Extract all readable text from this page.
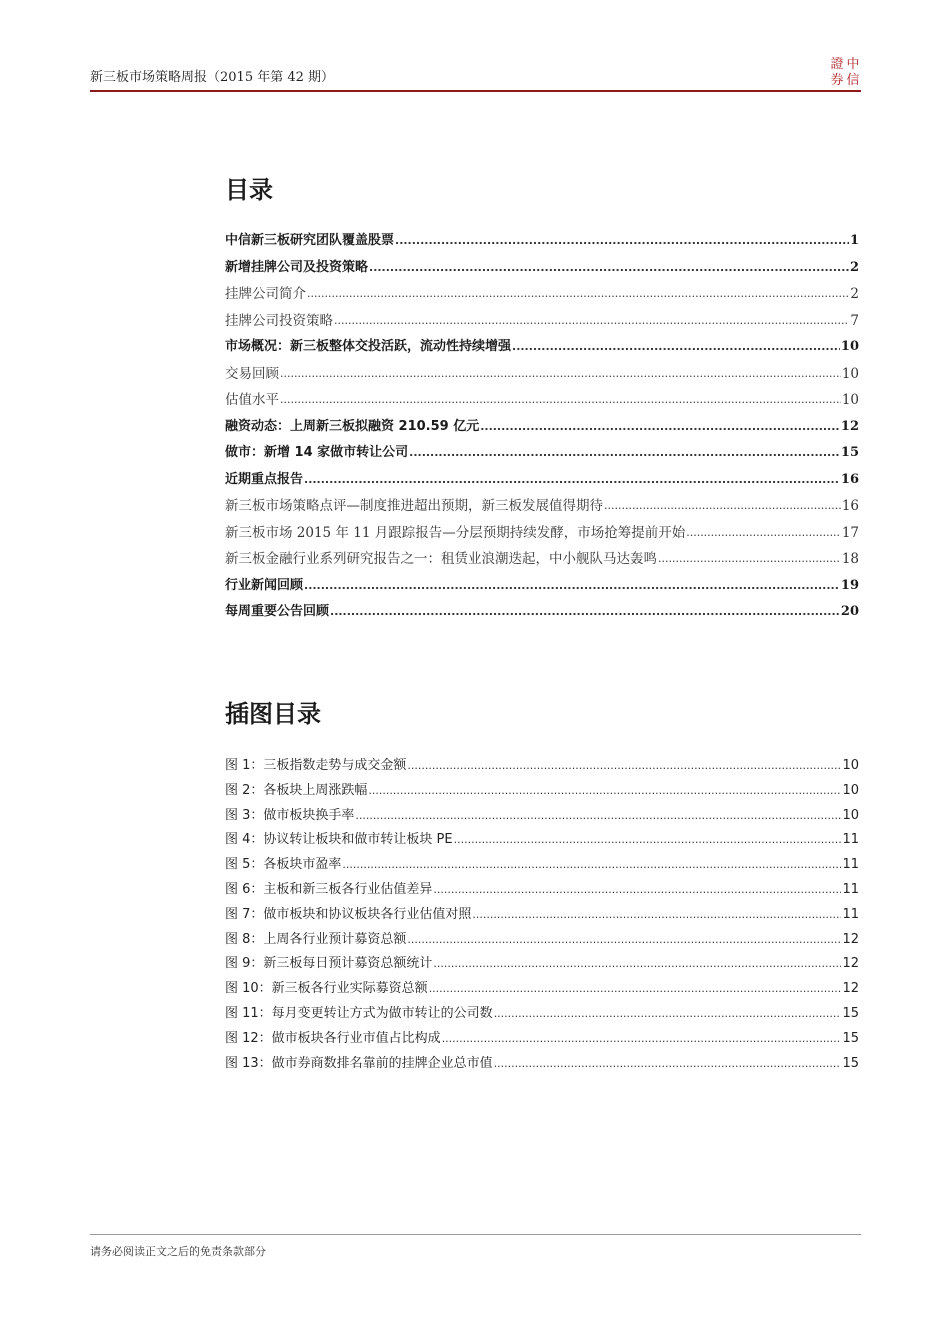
新三板市场策略周报（2015 年第 42 期）
證 中
券 信
目录
中信新三板研究团队覆盖股票 .....	1
新增挂牌公司及投资策略 .....	2
挂牌公司简介 .....	2
挂牌公司投资策略 .....	7
市场概况：新三板整体交投活跃，流动性持续增强 .....	10
交易回顾 .....	10
估值水平 .....	10
融资动态：上周新三板拟融资 210.59 亿元 .....	12
做市：新增 14 家做市转让公司 .....	15
近期重点报告 .....	16
新三板市场策略点评—制度推进超出预期，新三板发展值得期待 .....	16
新三板市场 2015 年 11 月跟踪报告—分层预期持续发酵，市场抢筹提前开始 .....	17
新三板金融行业系列研究报告之一：租赁业浪潮迭起，中小舰队马达轰鸣 .....	18
行业新闻回顾 .....	19
每周重要公告回顾 .....	20
插图目录
图 1：三板指数走势与成交金额 .....	10
图 2：各板块上周涨跌幅 .....	10
图 3：做市板块换手率 .....	10
图 4：协议转让板块和做市转让板块 PE .....	11
图 5：各板块市盈率 .....	11
图 6：主板和新三板各行业估值差异 .....	11
图 7：做市板块和协议板块各行业估值对照 .....	11
图 8：上周各行业预计募资总额 .....	12
图 9：新三板每日预计募资总额统计 .....	12
图 10：新三板各行业实际募资总额 .....	12
图 11：每月变更转让方式为做市转让的公司数 .....	15
图 12：做市板块各行业市值占比构成 .....	15
图 13：做市券商数排名靠前的挂牌企业总市值 .....	15
请务必阅读正文之后的免责条款部分
